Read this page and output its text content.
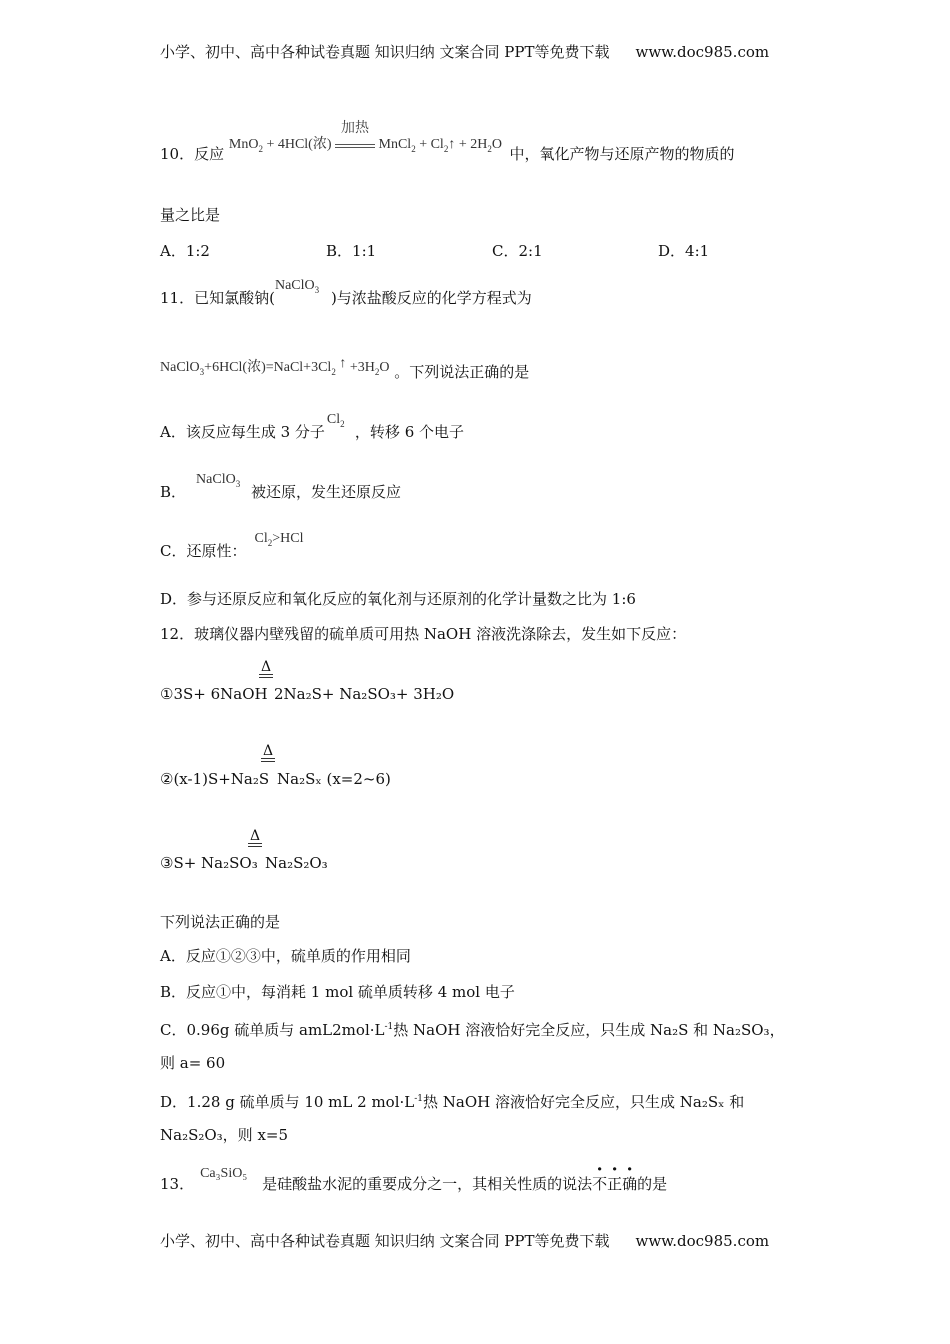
小学、初中、高中各种试卷真题 知识归纳 文案合同 PPT等免费下载 www.doc985.com
10．反应 MnO$_2$ + 4HCl(浓)
加热
MnCl$_2$ + $Cl_2↑ + 2H_2O$ 中，氧化产物与还原产物的物质的
量之比是
A．1:2	B．1:1	C．2:1	D．4:1
11．已知氯酸钠(NaClO$_3$ )与浓盐酸反应的化学方程式为
NaClO$_3$+6HCl(浓)$=NaCl+3Cl_2$ ↑ $+3H_2O$ 。下列说法正确的是
A．该反应每生成 3 分子$Cl_2$ ，转移 6 个电子
B．NaClO$_3$ 被还原，发生还原反应
C．还原性：$Cl_2>HCl$
D．参与还原反应和氧化反应的氧化剂与还原剂的化学计量数之比为 1:6
12．玻璃仪器内壁残留的硫单质可用热 NaOH 溶液洗涤除去，发生如下反应：
Δ
①3S+ 6NaOH 2Na₂S+ Na₂SO₃+ 3H₂O
Δ
②(x-1)S+Na₂S Na₂Sₓ (x=2~6)
Δ
③S+ Na₂SO₃ Na₂S₂O₃
下列说法正确的是
A．反应①②③中，硫单质的作用相同
B．反应①中，每消耗 1 mol 硫单质转移 4 mol 电子
C．0.96g 硫单质与 $amL2mol\cdot L^{-1}$热 NaOH 溶液恰好完全反应，只生成 Na₂S 和 Na₂SO₃，
则 a= 60
D．1.28 g 硫单质与 10 mL 2 $mol\cdot L^{-1}$热 NaOH 溶液恰好完全反应，只生成 Na₂Sₓ 和
Na₂S₂O₃，则 x=5
13．Ca₃SiO₅是硅酸盐水泥的重要成分之一，其相关性质的说法不正确的是
小学、初中、高中各种试卷真题 知识归纳 文案合同 PPT等免费下载 www.doc985.com
